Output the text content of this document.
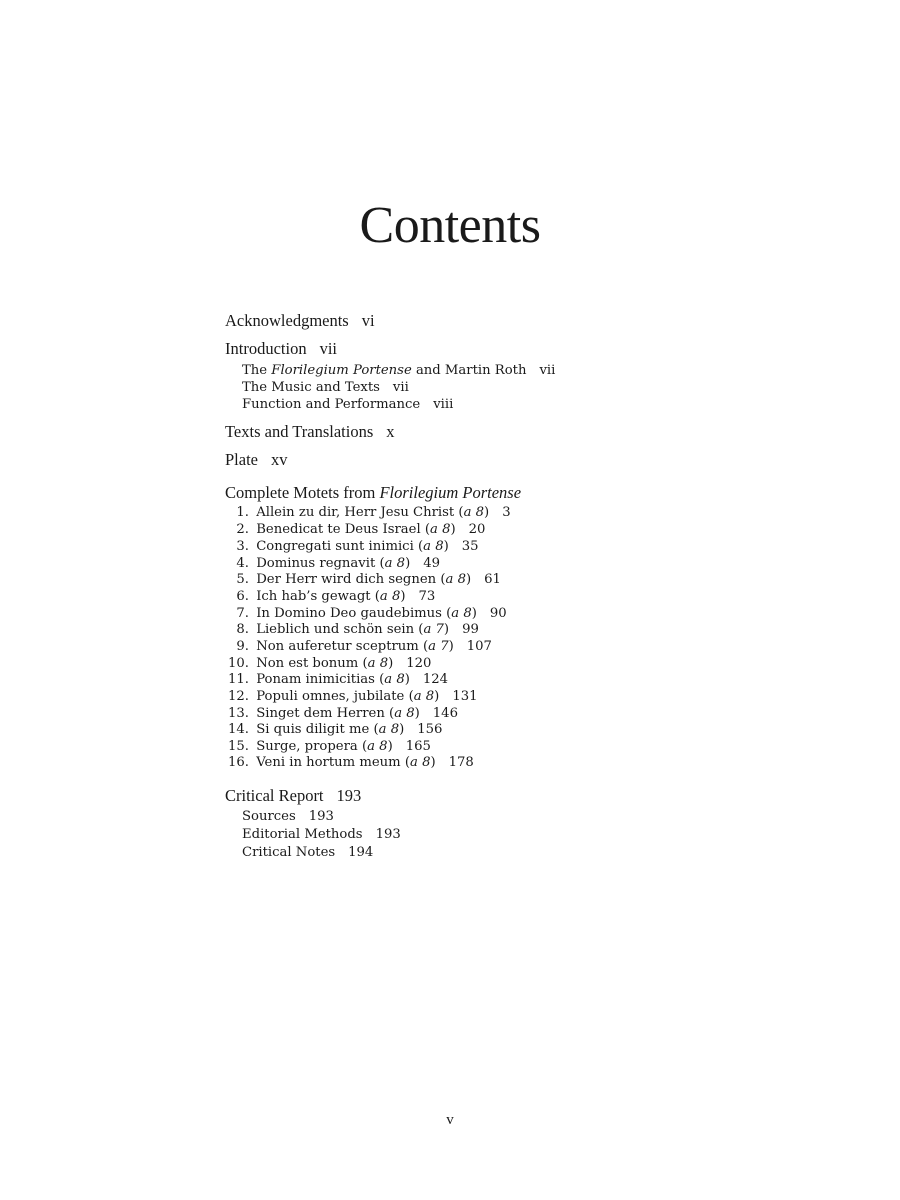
Contents
Acknowledgments vi
Introduction vii
The Florilegium Portense and Martin Roth vii
The Music and Texts vii
Function and Performance viii
Texts and Translations x
Plate xv
Complete Motets from Florilegium Portense
1. Allein zu dir, Herr Jesu Christ (a 8) 3
2. Benedicat te Deus Israel (a 8) 20
3. Congregati sunt inimici (a 8) 35
4. Dominus regnavit (a 8) 49
5. Der Herr wird dich segnen (a 8) 61
6. Ich hab’s gewagt (a 8) 73
7. In Domino Deo gaudebimus (a 8) 90
8. Lieblich und schön sein (a 7) 99
9. Non auferetur sceptrum (a 7) 107
10. Non est bonum (a 8) 120
11. Ponam inimicitias (a 8) 124
12. Populi omnes, jubilate (a 8) 131
13. Singet dem Herren (a 8) 146
14. Si quis diligit me (a 8) 156
15. Surge, propera (a 8) 165
16. Veni in hortum meum (a 8) 178
Critical Report 193
Sources 193
Editorial Methods 193
Critical Notes 194
v
